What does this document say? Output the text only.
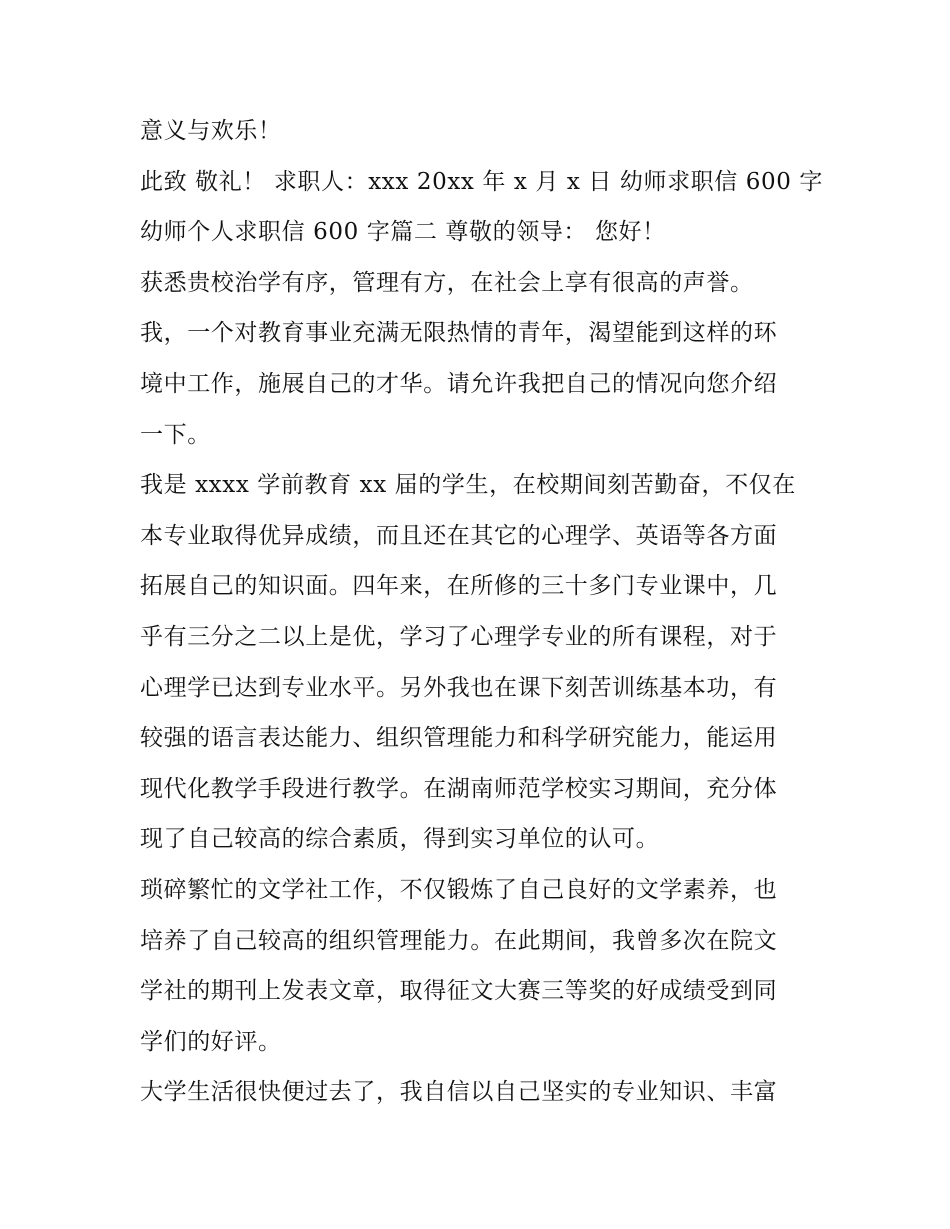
意义与欢乐！
此致 敬礼！ 求职人：xxx 20xx 年 x 月 x 日 幼师求职信 600 字
幼师个人求职信 600 字篇二 尊敬的领导： 您好！
获悉贵校治学有序，管理有方，在社会上享有很高的声誉。
我，一个对教育事业充满无限热情的青年，渴望能到这样的环
境中工作，施展自己的才华。请允许我把自己的情况向您介绍
一下。
我是 xxxx 学前教育 xx 届的学生，在校期间刻苦勤奋，不仅在
本专业取得优异成绩，而且还在其它的心理学、英语等各方面
拓展自己的知识面。四年来，在所修的三十多门专业课中，几
乎有三分之二以上是优，学习了心理学专业的所有课程，对于
心理学已达到专业水平。另外我也在课下刻苦训练基本功，有
较强的语言表达能力、组织管理能力和科学研究能力，能运用
现代化教学手段进行教学。在湖南师范学校实习期间，充分体
现了自己较高的综合素质，得到实习单位的认可。
琐碎繁忙的文学社工作，不仅锻炼了自己良好的文学素养，也
培养了自己较高的组织管理能力。在此期间，我曾多次在院文
学社的期刊上发表文章，取得征文大赛三等奖的好成绩受到同
学们的好评。
大学生活很快便过去了，我自信以自己坚实的专业知识、丰富
